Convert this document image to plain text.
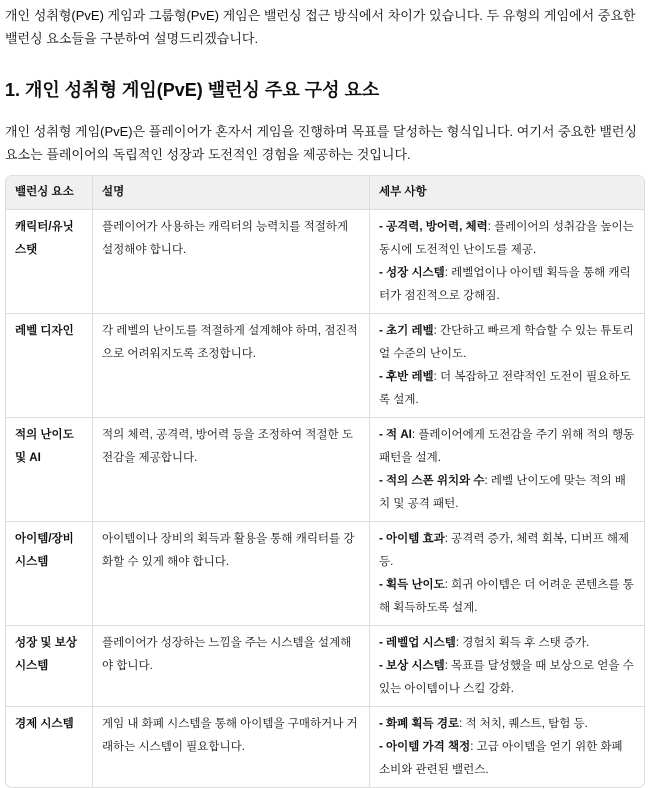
개인 성취형(PvE) 게임과 그룹형(PvE) 게임은 밸런싱 접근 방식에서 차이가 있습니다. 두 유형의 게임에서 중요한 밸런싱 요소들을 구분하여 설명드리겠습니다.

1. 개인 성취형 게임(PvE) 밸런싱 주요 구성 요소

개인 성취형 게임(PvE)은 플레이어가 혼자서 게임을 진행하며 목표를 달성하는 형식입니다. 여기서 중요한 밸런싱 요소는 플레이어의 독립적인 성장과 도전적인 경험을 제공하는 것입니다.

밸런싱 요소	설명	세부 사항
캐릭터/유닛 스탯	플레이어가 사용하는 캐릭터의 능력치를 적절하게 설정해야 합니다.	- 공격력, 방어력, 체력: 플레이어의 성취감을 높이는 동시에 도전적인 난이도를 제공.
- 성장 시스템: 레벨업이나 아이템 획득을 통해 캐릭터가 점진적으로 강해짐.

레벨 디자인	각 레벨의 난이도를 적절하게 설계해야 하며, 점진적으로 어려워지도록 조정합니다.	- 초기 레벨: 간단하고 빠르게 학습할 수 있는 튜토리얼 수준의 난이도.
- 후반 레벨: 더 복잡하고 전략적인 도전이 필요하도록 설계.

적의 난이도 및 AI	적의 체력, 공격력, 방어력 등을 조정하여 적절한 도전감을 제공합니다.	- 적 AI: 플레이어에게 도전감을 주기 위해 적의 행동 패턴을 설계.
- 적의 스폰 위치와 수: 레벨 난이도에 맞는 적의 배치 및 공격 패턴.

아이템/장비 시스템	아이템이나 장비의 획득과 활용을 통해 캐릭터를 강화할 수 있게 해야 합니다.	- 아이템 효과: 공격력 증가, 체력 회복, 디버프 해제 등.
- 획득 난이도: 희귀 아이템은 더 어려운 콘텐츠를 통해 획득하도록 설계.

성장 및 보상 시스템	플레이어가 성장하는 느낌을 주는 시스템을 설계해야 합니다.	- 레벨업 시스템: 경험치 획득 후 스탯 증가.
- 보상 시스템: 목표를 달성했을 때 보상으로 얻을 수 있는 아이템이나 스킬 강화.

경제 시스템	게임 내 화폐 시스템을 통해 아이템을 구매하거나 거래하는 시스템이 필요합니다.	- 화폐 획득 경로: 적 처치, 퀘스트, 탐험 등.
- 아이템 가격 책정: 고급 아이템을 얻기 위한 화폐 소비와 관련된 밸런스.
